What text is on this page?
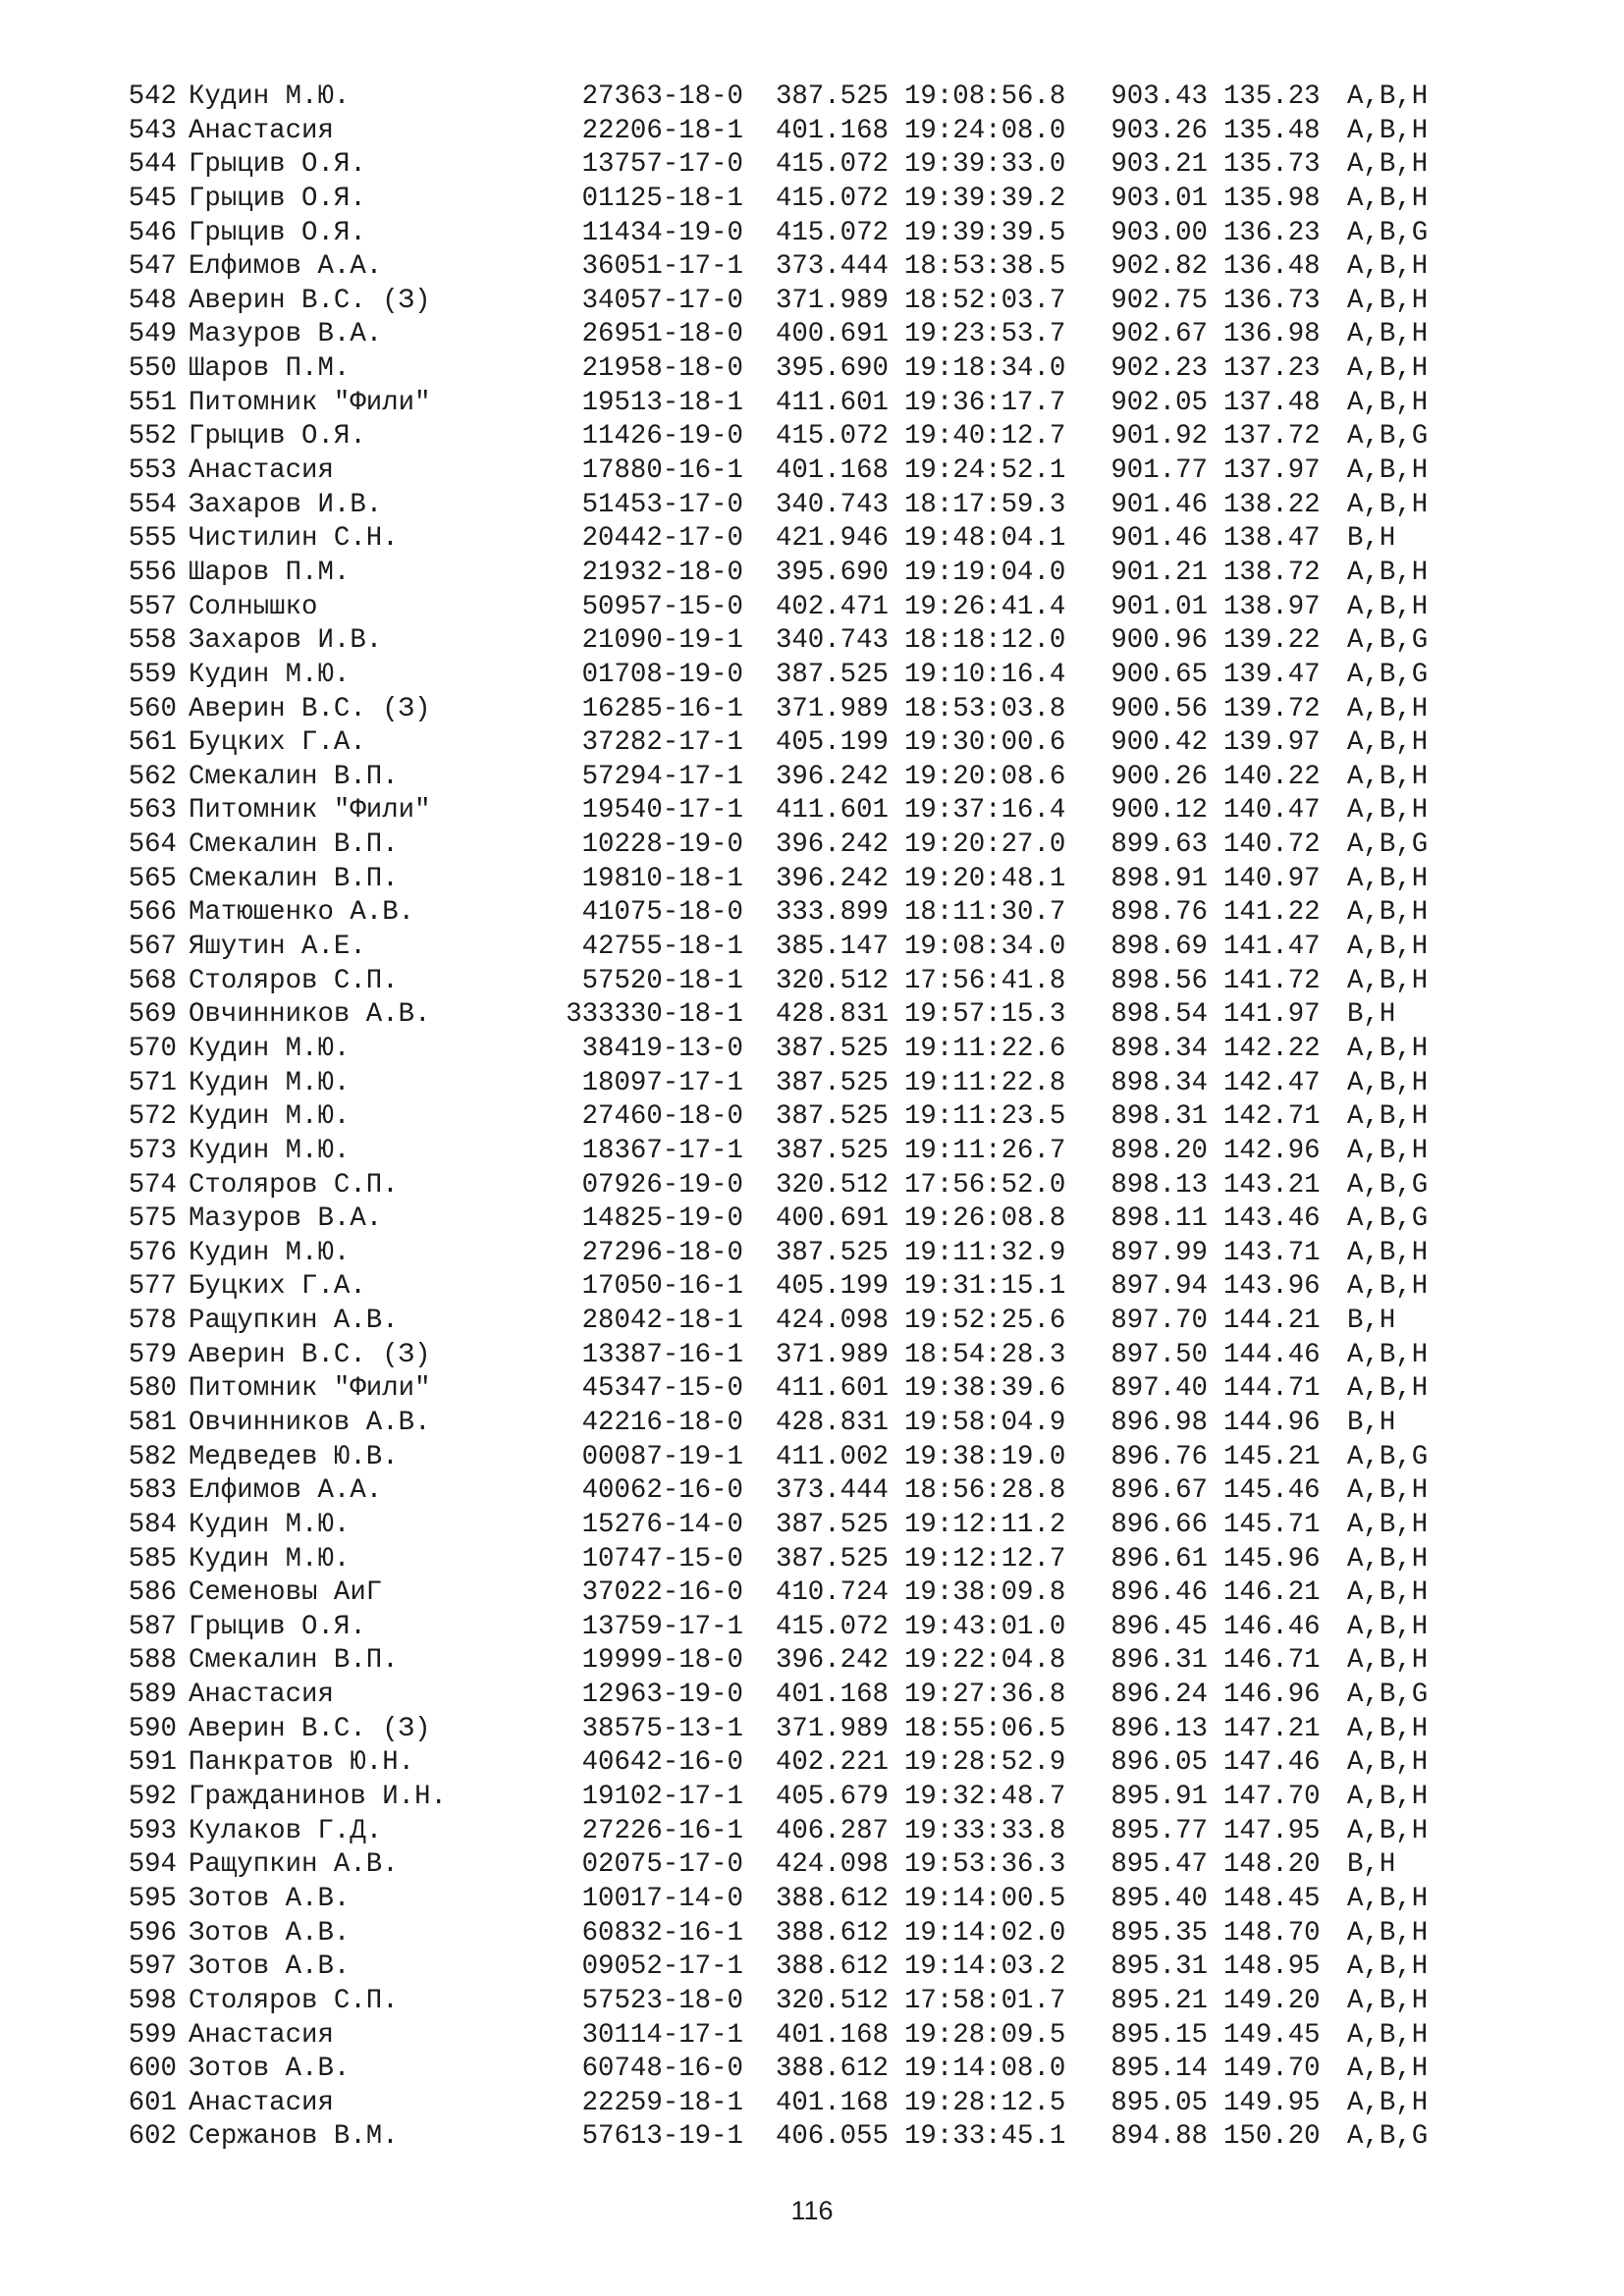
542 Кудин М.Ю.	27363-18-0 387.525 19:08:56.8 903.43 135.23 A,B,H
543 Анастасия	22206-18-1 401.168 19:24:08.0 903.26 135.48 A,B,H
544 Грыцив О.Я.	13757-17-0 415.072 19:39:33.0 903.21 135.73 A,B,H
545 Грыцив О.Я.	01125-18-1 415.072 19:39:39.2 903.01 135.98 A,B,H
546 Грыцив О.Я.	11434-19-0 415.072 19:39:39.5 903.00 136.23 A,B,G
547 Елфимов А.А.	36051-17-1 373.444 18:53:38.5 902.82 136.48 A,B,H
548 Аверин В.С. (З)	34057-17-0 371.989 18:52:03.7 902.75 136.73 A,B,H
549 Мазуров В.А.	26951-18-0 400.691 19:23:53.7 902.67 136.98 A,B,H
550 Шаров П.М.	21958-18-0 395.690 19:18:34.0 902.23 137.23 A,B,H
551 Питомник "Фили"	19513-18-1 411.601 19:36:17.7 902.05 137.48 A,B,H
552 Грыцив О.Я.	11426-19-0 415.072 19:40:12.7 901.92 137.72 A,B,G
553 Анастасия	17880-16-1 401.168 19:24:52.1 901.77 137.97 A,B,H
554 Захаров И.В.	51453-17-0 340.743 18:17:59.3 901.46 138.22 A,B,H
555 Чистилин С.Н.	20442-17-0 421.946 19:48:04.1 901.46 138.47 B,H
556 Шаров П.М.	21932-18-0 395.690 19:19:04.0 901.21 138.72 A,B,H
557 Солнышко	50957-15-0 402.471 19:26:41.4 901.01 138.97 A,B,H
558 Захаров И.В.	21090-19-1 340.743 18:18:12.0 900.96 139.22 A,B,G
559 Кудин М.Ю.	01708-19-0 387.525 19:10:16.4 900.65 139.47 A,B,G
560 Аверин В.С. (З)	16285-16-1 371.989 18:53:03.8 900.56 139.72 A,B,H
561 Буцких Г.А.	37282-17-1 405.199 19:30:00.6 900.42 139.97 A,B,H
562 Смекалин В.П.	57294-17-1 396.242 19:20:08.6 900.26 140.22 A,B,H
563 Питомник "Фили"	19540-17-1 411.601 19:37:16.4 900.12 140.47 A,B,H
564 Смекалин В.П.	10228-19-0 396.242 19:20:27.0 899.63 140.72 A,B,G
565 Смекалин В.П.	19810-18-1 396.242 19:20:48.1 898.91 140.97 A,B,H
566 Матюшенко А.В.	41075-18-0 333.899 18:11:30.7 898.76 141.22 A,B,H
567 Яшутин А.Е.	42755-18-1 385.147 19:08:34.0 898.69 141.47 A,B,H
568 Столяров С.П.	57520-18-1 320.512 17:56:41.8 898.56 141.72 A,B,H
569 Овчинников А.В.	333330-18-1 428.831 19:57:15.3 898.54 141.97 B,H
570 Кудин М.Ю.	38419-13-0 387.525 19:11:22.6 898.34 142.22 A,B,H
571 Кудин М.Ю.	18097-17-1 387.525 19:11:22.8 898.34 142.47 A,B,H
572 Кудин М.Ю.	27460-18-0 387.525 19:11:23.5 898.31 142.71 A,B,H
573 Кудин М.Ю.	18367-17-1 387.525 19:11:26.7 898.20 142.96 A,B,H
574 Столяров С.П.	07926-19-0 320.512 17:56:52.0 898.13 143.21 A,B,G
575 Мазуров В.А.	14825-19-0 400.691 19:26:08.8 898.11 143.46 A,B,G
576 Кудин М.Ю.	27296-18-0 387.525 19:11:32.9 897.99 143.71 A,B,H
577 Буцких Г.А.	17050-16-1 405.199 19:31:15.1 897.94 143.96 A,B,H
578 Ращупкин А.В.	28042-18-1 424.098 19:52:25.6 897.70 144.21 B,H
579 Аверин В.С. (З)	13387-16-1 371.989 18:54:28.3 897.50 144.46 A,B,H
580 Питомник "Фили"	45347-15-0 411.601 19:38:39.6 897.40 144.71 A,B,H
581 Овчинников А.В.	42216-18-0 428.831 19:58:04.9 896.98 144.96 B,H
582 Медведев Ю.В.	00087-19-1 411.002 19:38:19.0 896.76 145.21 A,B,G
583 Елфимов А.А.	40062-16-0 373.444 18:56:28.8 896.67 145.46 A,B,H
584 Кудин М.Ю.	15276-14-0 387.525 19:12:11.2 896.66 145.71 A,B,H
585 Кудин М.Ю.	10747-15-0 387.525 19:12:12.7 896.61 145.96 A,B,H
586 Семеновы АиГ	37022-16-0 410.724 19:38:09.8 896.46 146.21 A,B,H
587 Грыцив О.Я.	13759-17-1 415.072 19:43:01.0 896.45 146.46 A,B,H
588 Смекалин В.П.	19999-18-0 396.242 19:22:04.8 896.31 146.71 A,B,H
589 Анастасия	12963-19-0 401.168 19:27:36.8 896.24 146.96 A,B,G
590 Аверин В.С. (З)	38575-13-1 371.989 18:55:06.5 896.13 147.21 A,B,H
591 Панкратов Ю.Н.	40642-16-0 402.221 19:28:52.9 896.05 147.46 A,B,H
592 Гражданинов И.Н.	19102-17-1 405.679 19:32:48.7 895.91 147.70 A,B,H
593 Кулаков Г.Д.	27226-16-1 406.287 19:33:33.8 895.77 147.95 A,B,H
594 Ращупкин А.В.	02075-17-0 424.098 19:53:36.3 895.47 148.20 B,H
595 Зотов А.В.	10017-14-0 388.612 19:14:00.5 895.40 148.45 A,B,H
596 Зотов А.В.	60832-16-1 388.612 19:14:02.0 895.35 148.70 A,B,H
597 Зотов А.В.	09052-17-1 388.612 19:14:03.2 895.31 148.95 A,B,H
598 Столяров С.П.	57523-18-0 320.512 17:58:01.7 895.21 149.20 A,B,H
599 Анастасия	30114-17-1 401.168 19:28:09.5 895.15 149.45 A,B,H
600 Зотов А.В.	60748-16-0 388.612 19:14:08.0 895.14 149.70 A,B,H
601 Анастасия	22259-18-1 401.168 19:28:12.5 895.05 149.95 A,B,H
602 Сержанов В.М.	57613-19-1 406.055 19:33:45.1 894.88 150.20 A,B,G
116
